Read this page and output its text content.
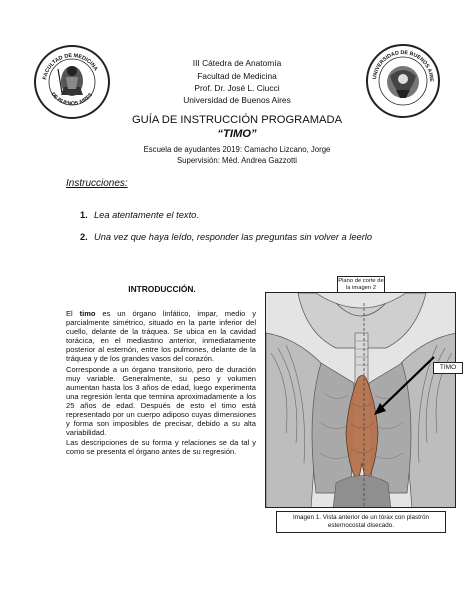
FACULTAD DE MEDICINA
DE BUENOS AIRES
UNIVERSIDAD DE BUENOS AIRE
III Cátedra de Anatomía
Facultad de Medicina
Prof. Dr. José L. Ciucci
Universidad de Buenos Aires
GUÍA DE INSTRUCCIÓN PROGRAMADA
“TIMO”
Escuela de ayudantes 2019: Camacho Lizcano, Jorge
Supervisión: Méd. Andrea Gazzotti
Instrucciones:
1. Lea atentamente el texto.
2. Una vez que haya leído, responder las preguntas sin volver a leerlo
INTRODUCCIÓN.

El timo es un órgano linfático, impar, medio y parcialmente simétrico, situado en la parte inferior del cuello, delante de la tráquea. Se ubica en la cavidad torácica, en el mediastino anterior, inmediatamente posterior al esternón, entre los pulmones, delante de la tráquea y de los grandes vasos del corazón.

Corresponde a un órgano transitorio, pero de duración muy variable. Generalmente, su peso y volumen aumentan hasta los 3 años de edad, luego experimenta una regresión lenta que termina aproximadamente a los 25 años de edad. Después de esto el timo está representado por un cuerpo adiposo cuyas dimensiones y forma son imposibles de precisar, debido a su alta variabilidad.

Las descripciones de su forma y relaciones se da tal y como se presenta el órgano antes de su regresión.

Plano de corte de la imagen 2
TIMO
Imagen 1. Vista anterior de un tórax con plastrón esternocostal disecado.
